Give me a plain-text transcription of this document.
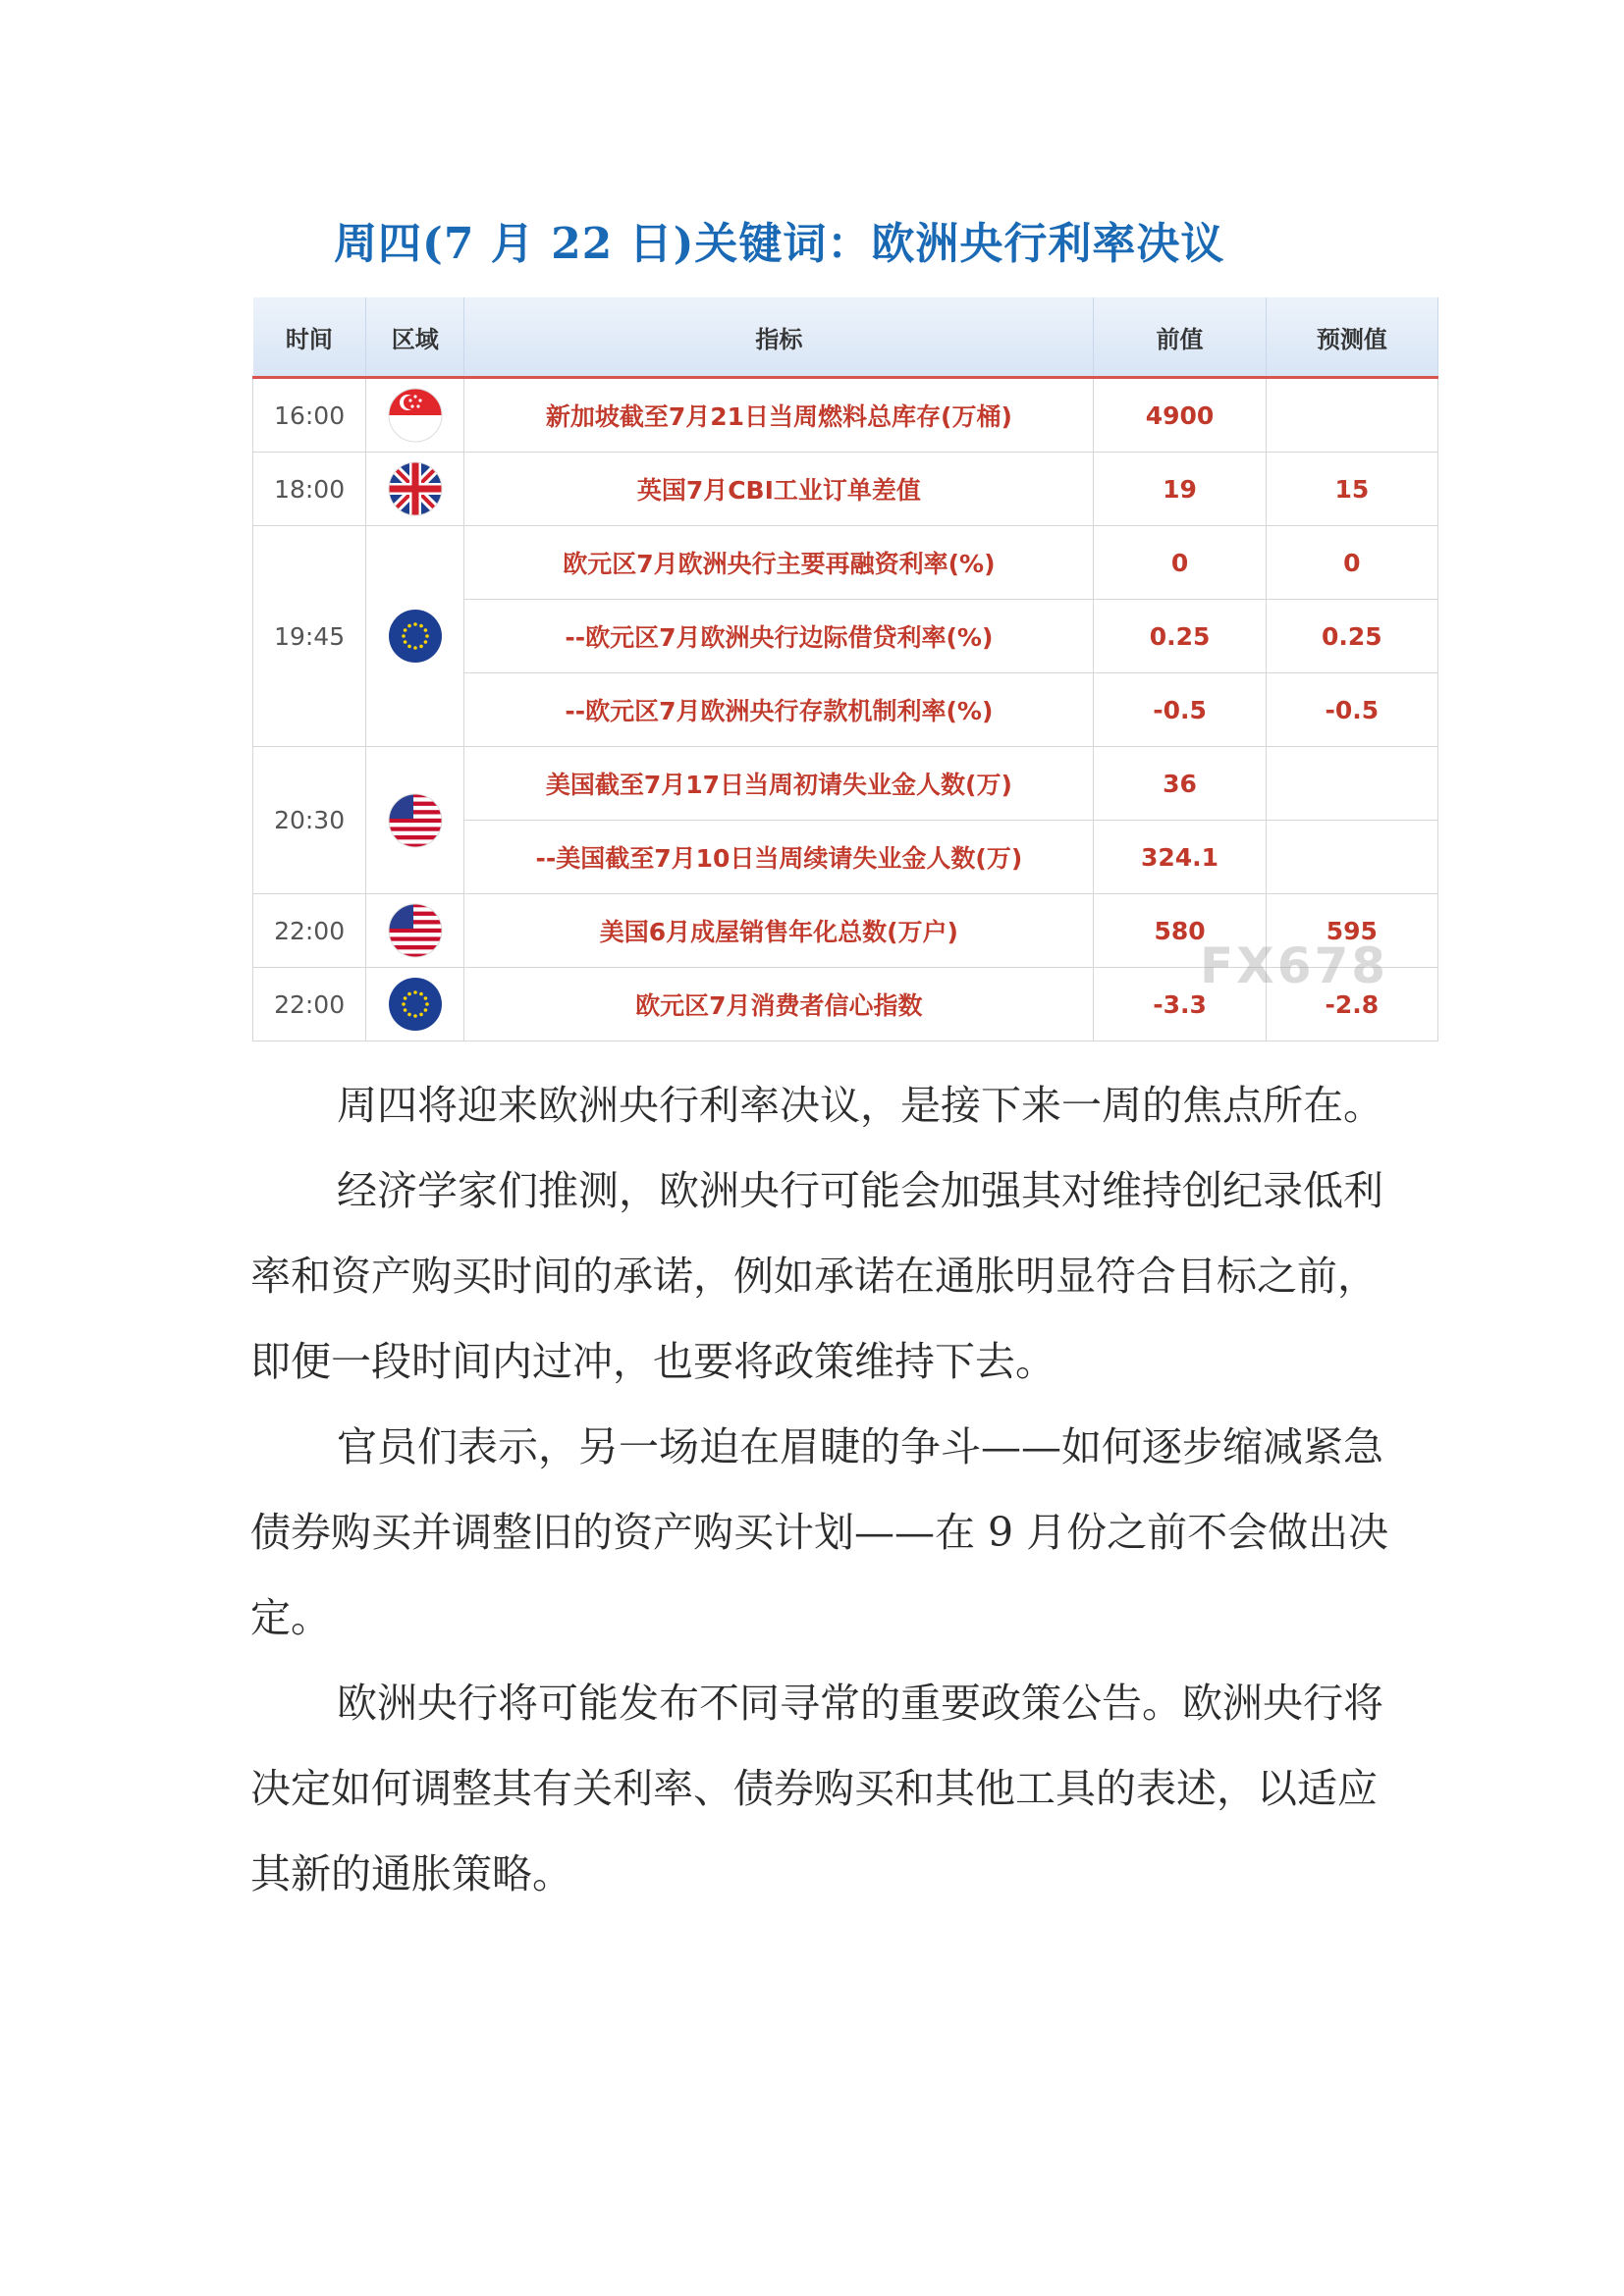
周四(7 月 22 日)关键词：欧洲央行利率决议
时间	区域	指标	前值	预测值
16:00		新加坡截至7月21日当周燃料总库存(万桶)	4900	
18:00		英国7月CBI工业订单差值	19	15
19:45		欧元区7月欧洲央行主要再融资利率(%)	0	0
		--欧元区7月欧洲央行边际借贷利率(%)	0.25	0.25
		--欧元区7月欧洲央行存款机制利率(%)	-0.5	-0.5
20:30		美国截至7月17日当周初请失业金人数(万)	36	
		--美国截至7月10日当周续请失业金人数(万)	324.1	
22:00		美国6月成屋销售年化总数(万户)	580	595
22:00		欧元区7月消费者信心指数	-3.3	-2.8
FX678

周四将迎来欧洲央行利率决议，是接下来一周的焦点所在。

经济学家们推测，欧洲央行可能会加强其对维持创纪录低利率和资产购买时间的承诺，例如承诺在通胀明显符合目标之前，即便一段时间内过冲，也要将政策维持下去。

官员们表示，另一场迫在眉睫的争斗——如何逐步缩减紧急债券购买并调整旧的资产购买计划——在 9 月份之前不会做出决定。

欧洲央行将可能发布不同寻常的重要政策公告。欧洲央行将决定如何调整其有关利率、债券购买和其他工具的表述，以适应其新的通胀策略。
